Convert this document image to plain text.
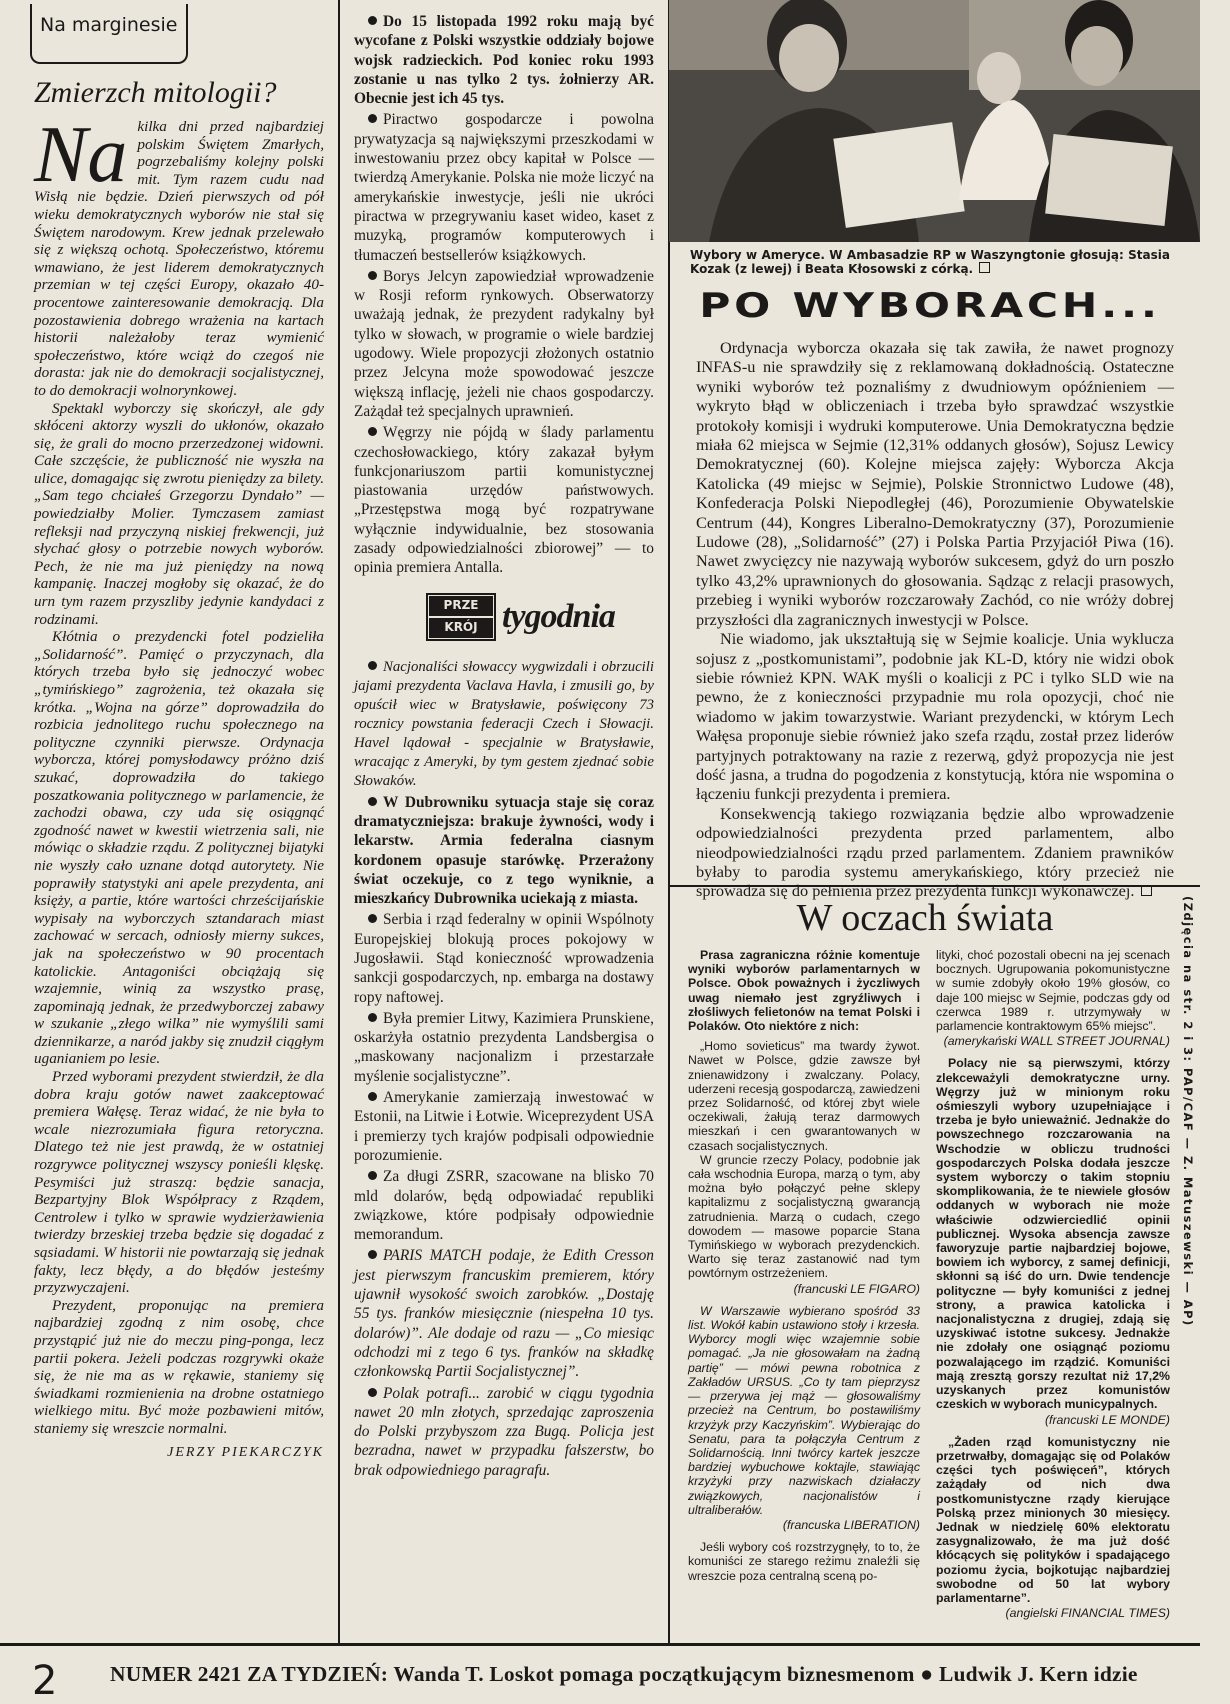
Na marginesie
Zmierzch mitologii?

Na kilka dni przed najbardziej polskim Świętem Zmarłych, pogrzebaliśmy kolejny polski mit. Tym razem cudu nad Wisłą nie będzie. Dzień pierwszych od pół wieku demokratycznych wyborów nie stał się Świętem narodowym. Krew jednak przelewało się z większą ochotą. Społeczeństwo, któremu wmawiano, że jest liderem demokratycznych przemian w tej części Europy, okazało 40-procentowe zainteresowanie demokracją. Dla pozostawienia dobrego wrażenia na kartach historii należałoby teraz wymienić społeczeństwo, które wciąż do czegoś nie dorasta: jak nie do demokracji socjalistycznej, to do demokracji wolnorynkowej.

Spektakl wyborczy się skończył, ale gdy skłóceni aktorzy wyszli do ukłonów, okazało się, że grali do mocno przerzedzonej widowni. Całe szczęście, że publiczność nie wyszła na ulice, domagając się zwrotu pieniędzy za bilety. „Sam tego chciałeś Grzegorzu Dyndało” — powiedziałby Molier. Tymczasem zamiast refleksji nad przyczyną niskiej frekwencji, już słychać głosy o potrzebie nowych wyborów. Pech, że nie ma już pieniędzy na nową kampanię. Inaczej mogłoby się okazać, że do urn tym razem przyszliby jedynie kandydaci z rodzinami.

Kłótnia o prezydencki fotel podzieliła „Solidarność”. Pamięć o przyczynach, dla których trzeba było się jednoczyć wobec „tymińskiego” zagrożenia, też okazała się krótka. „Wojna na górze” doprowadziła do rozbicia jednolitego ruchu społecznego na polityczne czynniki pierwsze. Ordynacja wyborcza, której pomysłodawcy próżno dziś szukać, doprowadziła do takiego poszatkowania politycznego w parlamencie, że zachodzi obawa, czy uda się osiągnąć zgodność nawet w kwestii wietrzenia sali, nie mówiąc o składzie rządu. Z politycznej bijatyki nie wyszły cało uznane dotąd autorytety. Nie poprawiły statystyki ani apele prezydenta, ani księży, a partie, które wartości chrześcijańskie wypisały na wyborczych sztandarach miast zachować w sercach, odniosły mierny sukces, jak na społeczeństwo w 90 procentach katolickie. Antagoniści obciążają się wzajemnie, winią za wszystko prasę, zapominają jednak, że przedwyborczej zabawy w szukanie „złego wilka” nie wymyślili sami dziennikarze, a naród jakby się znudził ciągłym uganianiem po lesie.

Przed wyborami prezydent stwierdził, że dla dobra kraju gotów nawet zaakceptować premiera Wałęsę. Teraz widać, że nie była to wcale niezrozumiała figura retoryczna. Dlatego też nie jest prawdą, że w ostatniej rozgrywce politycznej wszyscy ponieśli klęskę. Pesymiści już straszą: będzie sanacja, Bezpartyjny Blok Współpracy z Rządem, Centrolew i tylko w sprawie wydzierżawienia twierdzy brzeskiej trzeba będzie się dogadać z sąsiadami. W historii nie powtarzają się jednak fakty, lecz błędy, a do błędów jesteśmy przyzwyczajeni.

Prezydent, proponując na premiera najbardziej zgodną z nim osobę, chce przystąpić już nie do meczu ping-ponga, lecz partii pokera. Jeżeli podczas rozgrywki okaże się, że nie ma as w rękawie, staniemy się świadkami rozmienienia na drobne ostatniego wielkiego mitu. Być może pozbawieni mitów, staniemy się wreszcie normalni.

JERZY PIEKARCZYK

Do 15 listopada 1992 roku mają być wycofane z Polski wszystkie oddziały bojowe wojsk radzieckich. Pod koniec roku 1993 zostanie u nas tylko 2 tys. żołnierzy AR. Obecnie jest ich 45 tys.

Piractwo gospodarcze i powolna prywatyzacja są największymi przeszkodami w inwestowaniu przez obcy kapitał w Polsce — twierdzą Amerykanie. Polska nie może liczyć na amerykańskie inwestycje, jeśli nie ukróci piractwa w przegrywaniu kaset wideo, kaset z muzyką, programów komputerowych i tłumaczeń bestsellerów książkowych.

Borys Jelcyn zapowiedział wprowadzenie w Rosji reform rynkowych. Obserwatorzy uważają jednak, że prezydent radykalny był tylko w słowach, w programie o wiele bardziej ugodowy. Wiele propozycji złożonych ostatnio przez Jelcyna może spowodować jeszcze większą inflację, jeżeli nie chaos gospodarczy. Zażądał też specjalnych uprawnień.

Węgrzy nie pójdą w ślady parlamentu czechosłowackiego, który zakazał byłym funkcjonariuszom partii komunistycznej piastowania urzędów państwowych. „Przestępstwa mogą być rozpatrywane wyłącznie indywidualnie, bez stosowania zasady odpowiedzialności zbiorowej” — to opinia premiera Antalla.

PRZE
KRÓJ tygodnia

Nacjonaliści słowaccy wygwizdali i obrzucili jajami prezydenta Vaclava Havla, i zmusili go, by opuścił wiec w Bratysławie, poświęcony 73 rocznicy powstania federacji Czech i Słowacji. Havel lądował - specjalnie w Bratysławie, wracając z Ameryki, by tym gestem zjednać sobie Słowaków.

W Dubrowniku sytuacja staje się coraz dramatyczniejsza: brakuje żywności, wody i lekarstw. Armia federalna ciasnym kordonem opasuje starówkę. Przerażony świat oczekuje, co z tego wyniknie, a mieszkańcy Dubrownika uciekają z miasta.

Serbia i rząd federalny w opinii Wspólnoty Europejskiej blokują proces pokojowy w Jugosławii. Stąd konieczność wprowadzenia sankcji gospodarczych, np. embarga na dostawy ropy naftowej.

Była premier Litwy, Kazimiera Prunskiene, oskarżyła ostatnio prezydenta Landsbergisa o „maskowany nacjonalizm i przestarzałe myślenie socjalistyczne”.

Amerykanie zamierzają inwestować w Estonii, na Litwie i Łotwie. Wiceprezydent USA i premierzy tych krajów podpisali odpowiednie porozumienie.

Za długi ZSRR, szacowane na blisko 70 mld dolarów, będą odpowiadać republiki związkowe, które podpisały odpowiednie memorandum.

PARIS MATCH podaje, że Edith Cresson jest pierwszym francuskim premierem, który ujawnił wysokość swoich zarobków. „Dostaję 55 tys. franków miesięcznie (niespełna 10 tys. dolarów)”. Ale dodaje od razu — „Co miesiąc odchodzi mi z tego 6 tys. franków na składkę członkowską Partii Socjalistycznej”.

Polak potrafi... zarobić w ciągu tygodnia nawet 20 mln złotych, sprzedając zaproszenia do Polski przybyszom zza Bugą. Policja jest bezradna, nawet w przypadku fałszerstw, bo brak odpowiedniego paragrafu.

Wybory w Ameryce. W Ambasadzie RP w Waszyngtonie głosują: Stasia Kozak (z lewej) i Beata Kłosowski z córką.
PO WYBORACH...

Ordynacja wyborcza okazała się tak zawiła, że nawet prognozy INFAS-u nie sprawdziły się z reklamowaną dokładnością. Ostateczne wyniki wyborów też poznaliśmy z dwudniowym opóźnieniem — wykryto błąd w obliczeniach i trzeba było sprawdzać wszystkie protokoły komisji i wydruki komputerowe. Unia Demokratyczna będzie miała 62 miejsca w Sejmie (12,31% oddanych głosów), Sojusz Lewicy Demokratycznej (60). Kolejne miejsca zajęły: Wyborcza Akcja Katolicka (49 miejsc w Sejmie), Polskie Stronnictwo Ludowe (48), Konfederacja Polski Niepodległej (46), Porozumienie Obywatelskie Centrum (44), Kongres Liberalno-Demokratyczny (37), Porozumienie Ludowe (28), „Solidarność” (27) i Polska Partia Przyjaciół Piwa (16). Nawet zwycięzcy nie nazywają wyborów sukcesem, gdyż do urn poszło tylko 43,2% uprawnionych do głosowania. Sądząc z relacji prasowych, przebieg i wyniki wyborów rozczarowały Zachód, co nie wróży dobrej przyszłości dla zagranicznych inwestycji w Polsce.

Nie wiadomo, jak ukształtują się w Sejmie koalicje. Unia wyklucza sojusz z „postkomunistami”, podobnie jak KL-D, który nie widzi obok siebie również KPN. WAK myśli o koalicji z PC i tylko SLD wie na pewno, że z konieczności przypadnie mu rola opozycji, choć nie wiadomo w jakim towarzystwie. Wariant prezydencki, w którym Lech Wałęsa proponuje siebie również jako szefa rządu, został przez liderów partyjnych potraktowany na razie z rezerwą, gdyż propozycja nie jest dość jasna, a trudna do pogodzenia z konstytucją, która nie wspomina o łączeniu funkcji prezydenta i premiera.

Konsekwencją takiego rozwiązania będzie albo wprowadzenie odpowiedzialności prezydenta przed parlamentem, albo nieodpowiedzialności rządu przed parlamentem. Zdaniem prawników byłaby to parodia systemu amerykańskiego, który przecież nie sprowadza się do pełnienia przez prezydenta funkcji wykonawczej.

W oczach świata

Prasa zagraniczna różnie komentuje wyniki wyborów parlamentarnych w Polsce. Obok poważnych i życzliwych uwag niemało jest zgryźliwych i złośliwych felietonów na temat Polski i Polaków. Oto niektóre z nich:

„Homo sovieticus” ma twardy żywot. Nawet w Polsce, gdzie zawsze był znienawidzony i zwalczany. Polacy, uderzeni recesją gospodarczą, zawiedzeni przez Solidarność, od której zbyt wiele oczekiwali, żałują teraz darmowych mieszkań i cen gwarantowanych w czasach socjalistycznych.

W gruncie rzeczy Polacy, podobnie jak cała wschodnia Europa, marzą o tym, aby można było połączyć pełne sklepy kapitalizmu z socjalistyczną gwarancją zatrudnienia. Marzą o cudach, czego dowodem — masowe poparcie Stana Tymińskiego w wyborach prezydenckich. Warto się teraz zastanowić nad tym powtórnym ostrzeżeniem.

(francuski LE FIGARO)

W Warszawie wybierano spośród 33 list. Wokół kabin ustawiono stoły i krzesła. Wyborcy mogli więc wzajemnie sobie pomagać. „Ja nie głosowałam na żadną partię” — mówi pewna robotnica z Zakładów URSUS. „Co ty tam pieprzysz — przerywa jej mąż — głosowaliśmy przecież na Centrum, bo postawiliśmy krzyżyk przy Kaczyńskim”. Wybierając do Senatu, para ta połączyła Centrum z Solidarnością. Inni twórcy kartek jeszcze bardziej wybuchowe koktajle, stawiając krzyżyki przy nazwiskach działaczy związkowych, nacjonalistów i ultraliberałów.

(francuska LIBERATION)

Jeśli wybory coś rozstrzygnęły, to to, że komuniści ze starego reżimu znaleźli się wreszcie poza centralną sceną po-

lityki, choć pozostali obecni na jej scenach bocznych. Ugrupowania pokomunistyczne w sumie zdobyły około 19% głosów, co daje 100 miejsc w Sejmie, podczas gdy od czerwca 1989 r. utrzymywały w parlamencie kontraktowym 65% miejsc”.

(amerykański WALL STREET JOURNAL)

Polacy nie są pierwszymi, którzy zlekceważyli demokratyczne urny. Węgrzy już w minionym roku ośmieszyli wybory uzupełniające i trzeba je było unieważnić. Jednakże do powszechnego rozczarowania na Wschodzie w obliczu trudności gospodarczych Polska dodała jeszcze system wyborczy o takim stopniu skomplikowania, że te niewiele głosów oddanych w wyborach nie może właściwie odzwierciedlić opinii publicznej. Wysoka absencja zawsze faworyzuje partie najbardziej bojowe, bowiem ich wyborcy, z samej definicji, skłonni są iść do urn. Dwie tendencje polityczne — były komuniści z jednej strony, a prawica katolicka i nacjonalistyczna z drugiej, zdają się uzyskiwać istotne sukcesy. Jednakże nie zdołały one osiągnąć poziomu pozwalającego im rządzić. Komuniści mają zresztą gorszy rezultat niż 17,2% uzyskanych przez komunistów czeskich w wyborach municypalnych.

(francuski LE MONDE)

„Żaden rząd komunistyczny nie przetrwałby, domagając się od Polaków części tych poświęceń”, których zażądały od nich dwa postkomunistyczne rządy kierujące Polską przez minionych 30 miesięcy. Jednak w niedzielę 60% elektoratu zasygnalizowało, że ma już dość kłócących się polityków i spadającego poziomu życia, bojkotując najbardziej swobodne od 50 lat wybory parlamentarne”.

(angielski FINANCIAL TIMES)
(Zdjęcia na str. 2 i 3: PAP/CAF — Z. Matuszewski — AP)
2 NUMER 2421 ZA TYDZIEŃ: Wanda T. Loskot pomaga początkującym biznesmenom ● Ludwik J. Kern idzie
